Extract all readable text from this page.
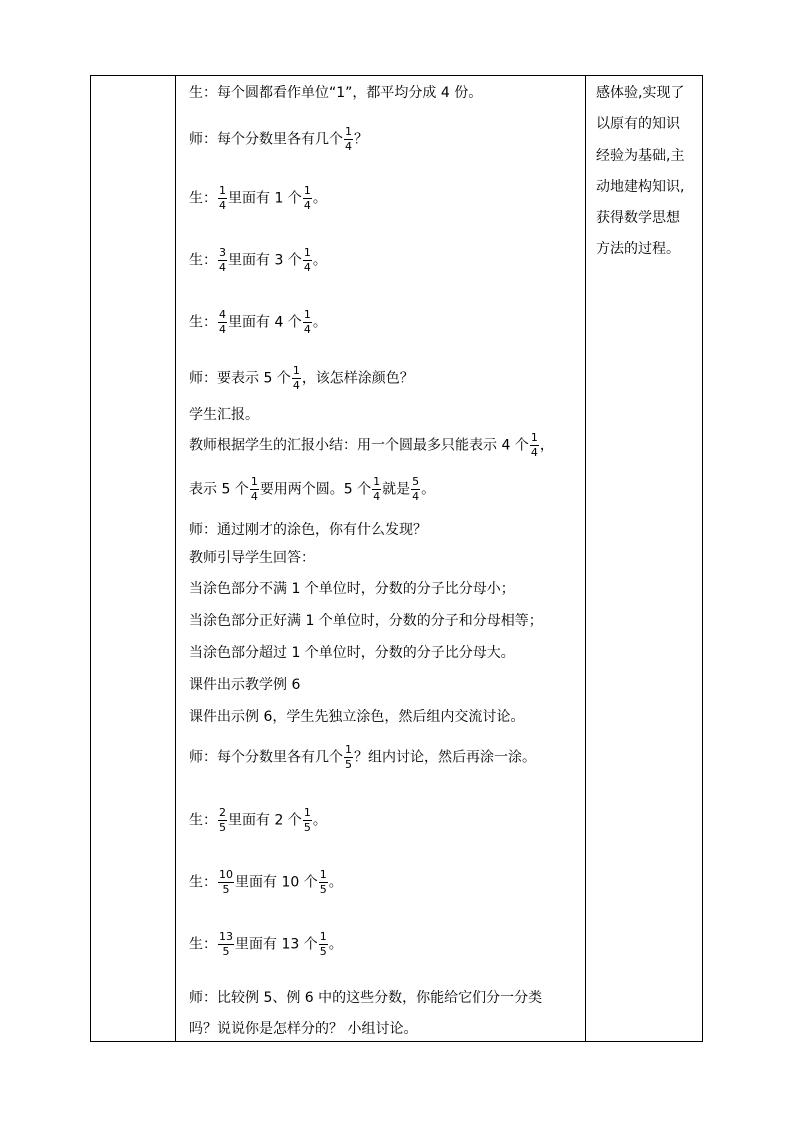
生：每个圆都看作单位“1”，都平均分成 4 份。
师：每个分数里各有几个 $\frac{1}{4}$ ？
生： $\frac{1}{4}$ 里面有 1 个 $\frac{1}{4}$ 。
生： $\frac{3}{4}$ 里面有 3 个 $\frac{1}{4}$ 。
生： $\frac{4}{4}$ 里面有 4 个 $\frac{1}{4}$ 。
师：要表示 5 个 $\frac{1}{4}$ ，该怎样涂颜色？
学生汇报。
教师根据学生的汇报小结：用一个圆最多只能表示 4 个 $\frac{1}{4}$ ，
表示 5 个 $\frac{1}{4}$ 要用两个圆。5 个 $\frac{1}{4}$ 就是 $\frac{5}{4}$ 。
师：通过刚才的涂色，你有什么发现？
教师引导学生回答：
当涂色部分不满 1 个单位时，分数的分子比分母小；
当涂色部分正好满 1 个单位时，分数的分子和分母相等；
当涂色部分超过 1 个单位时，分数的分子比分母大。
课件出示教学例 6
课件出示例 6，学生先独立涂色，然后组内交流讨论。
师：每个分数里各有几个 $\frac{1}{5}$ ？组内讨论，然后再涂一涂。
生： $\frac{2}{5}$ 里面有 2 个 $\frac{1}{5}$ 。
生： $\frac{10}{5}$ 里面有 10 个 $\frac{1}{5}$ 。
生： $\frac{13}{5}$ 里面有 13 个 $\frac{1}{5}$ 。
师：比较例 5、例 6 中的这些分数，你能给它们分一分类
吗？说说你是怎样分的？ 小组讨论。
感体验,实现了
以原有的知识
经验为基础,主
动地建构知识,
获得数学思想
方法的过程。
